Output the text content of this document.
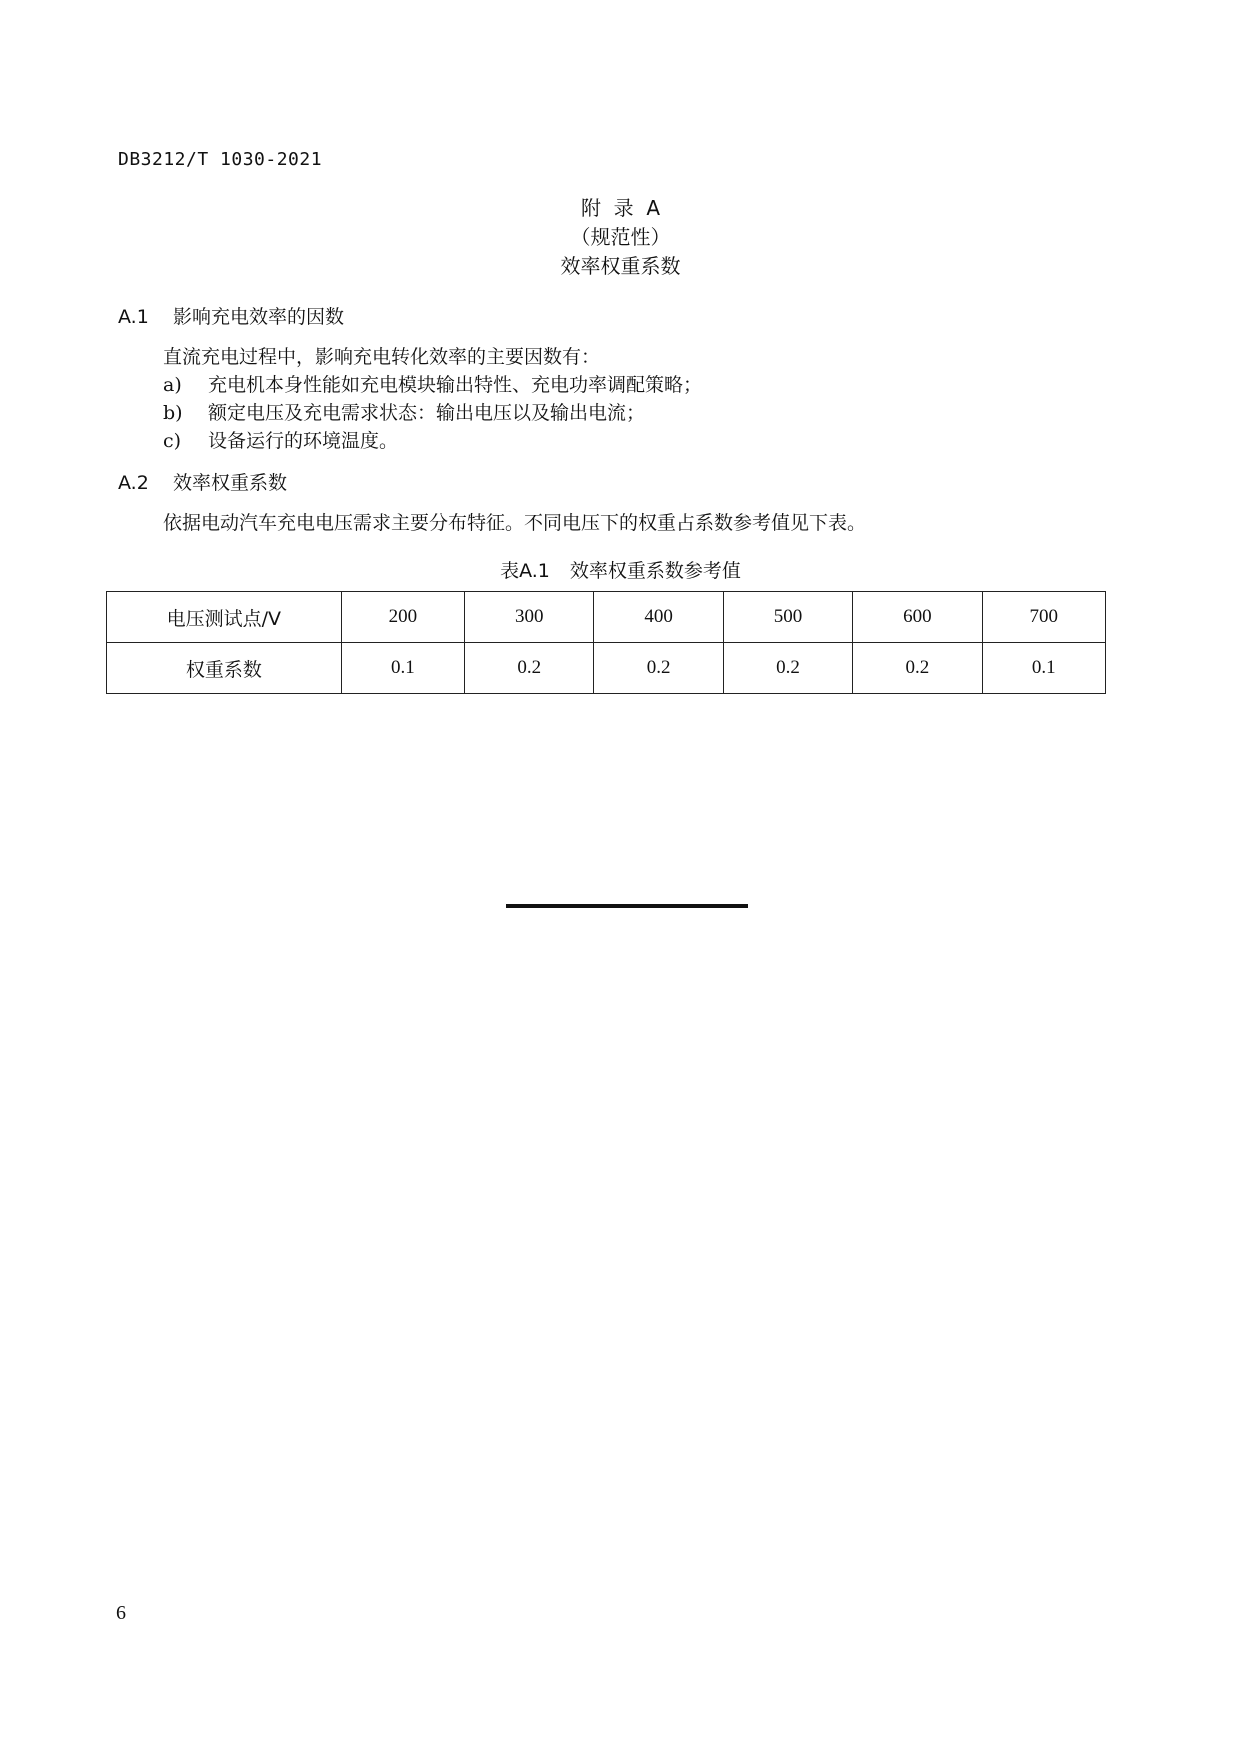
DB3212/T 1030-2021
附  录  A
（规范性）
效率权重系数
A.1 影响充电效率的因数
直流充电过程中，影响充电转化效率的主要因数有：
a) 充电机本身性能如充电模块输出特性、充电功率调配策略；
b) 额定电压及充电需求状态：输出电压以及输出电流；
c) 设备运行的环境温度。
A.2 效率权重系数
依据电动汽车充电电压需求主要分布特征。不同电压下的权重占系数参考值见下表。
表A.1 效率权重系数参考值
电压测试点/V	200	300	400	500	600	700
权重系数	0.1	0.2	0.2	0.2	0.2	0.1
6
